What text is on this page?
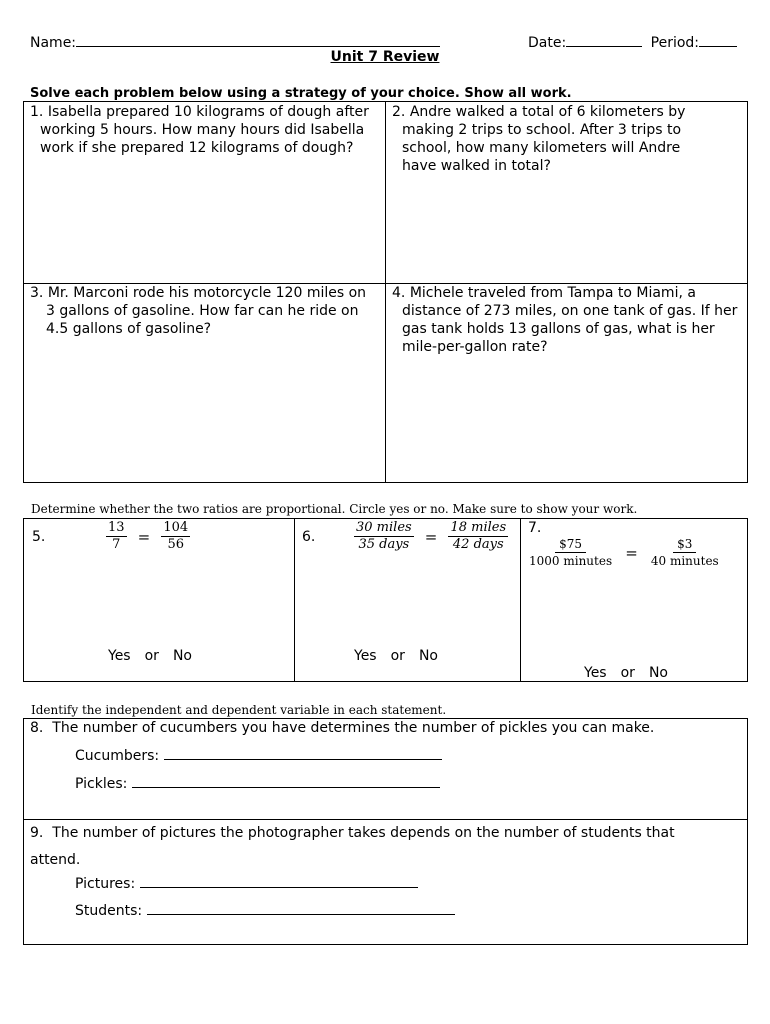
Name:	Date:	Period:
Unit 7 Review
Solve each problem below using a strategy of your choice. Show all work.
1. Isabella prepared 10 kilograms of dough after working 5 hours. How many hours did Isabella work if she prepared 12 kilograms of dough?
2. Andre walked a total of 6 kilometers by making 2 trips to school. After 3 trips to school, how many kilometers will Andre have walked in total?
3. Mr. Marconi rode his motorcycle 120 miles on 3 gallons of gasoline. How far can he ride on 4.5 gallons of gasoline?
4. Michele traveled from Tampa to Miami, a distance of 273 miles, on one tank of gas. If her gas tank holds 13 gallons of gas, what is her mile-per-gallon rate?
Determine whether the two ratios are proportional. Circle yes or no. Make sure to show your work.
5.	$\frac{13}{7} = \frac{104}{56}$
Yes or No
6.	$\frac{\text{30 miles}}{\text{35 days}} = \frac{\text{18 miles}}{\text{42 days}}$
Yes or No
7.
$\frac{\$75}{\text{1000 minutes}} = \frac{\$3}{\text{40 minutes}}$
Yes or No
Identify the independent and dependent variable in each statement.
8. The number of cucumbers you have determines the number of pickles you can make.
Cucumbers:
Pickles:
9. The number of pictures the photographer takes depends on the number of students that
attend.
Pictures:
Students:
